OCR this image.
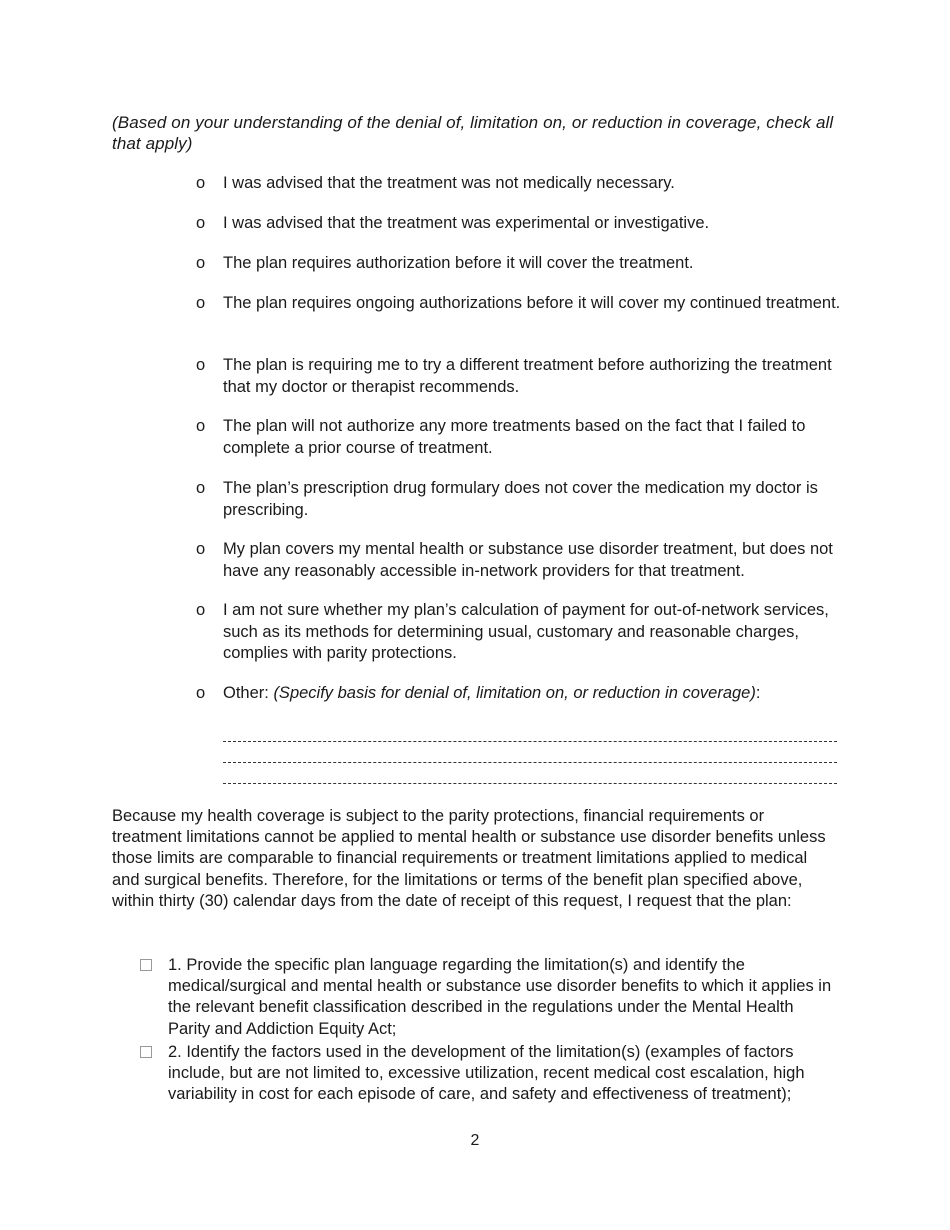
(Based on your understanding of the denial of, limitation on, or reduction in coverage, check all that apply)
o	I was advised that the treatment was not medically necessary.
o	I was advised that the treatment was experimental or investigative.
o	The plan requires authorization before it will cover the treatment.
o	The plan requires ongoing authorizations before it will cover my continued treatment.
o	The plan is requiring me to try a different treatment before authorizing the treatment that my doctor or therapist recommends.
o	The plan will not authorize any more treatments based on the fact that I failed to complete a prior course of treatment.
o	The plan’s prescription drug formulary does not cover the medication my doctor is prescribing.
o	My plan covers my mental health or substance use disorder treatment, but does not have any reasonably accessible in-network providers for that treatment.
o	I am not sure whether my plan’s calculation of payment for out-of-network services, such as its methods for determining usual, customary and reasonable charges, complies with parity protections.
o	Other: (Specify basis for denial of, limitation on, or reduction in coverage):
Because my health coverage is subject to the parity protections, financial requirements or treatment limitations cannot be applied to mental health or substance use disorder benefits unless those limits are comparable to financial requirements or treatment limitations applied to medical and surgical benefits. Therefore, for the limitations or terms of the benefit plan specified above, within thirty (30) calendar days from the date of receipt of this request, I request that the plan:
1. Provide the specific plan language regarding the limitation(s) and identify the medical/surgical and mental health or substance use disorder benefits to which it applies in the relevant benefit classification described in the regulations under the Mental Health Parity and Addiction Equity Act;
2. Identify the factors used in the development of the limitation(s) (examples of factors include, but are not limited to, excessive utilization, recent medical cost escalation, high variability in cost for each episode of care, and safety and effectiveness of treatment);
2
